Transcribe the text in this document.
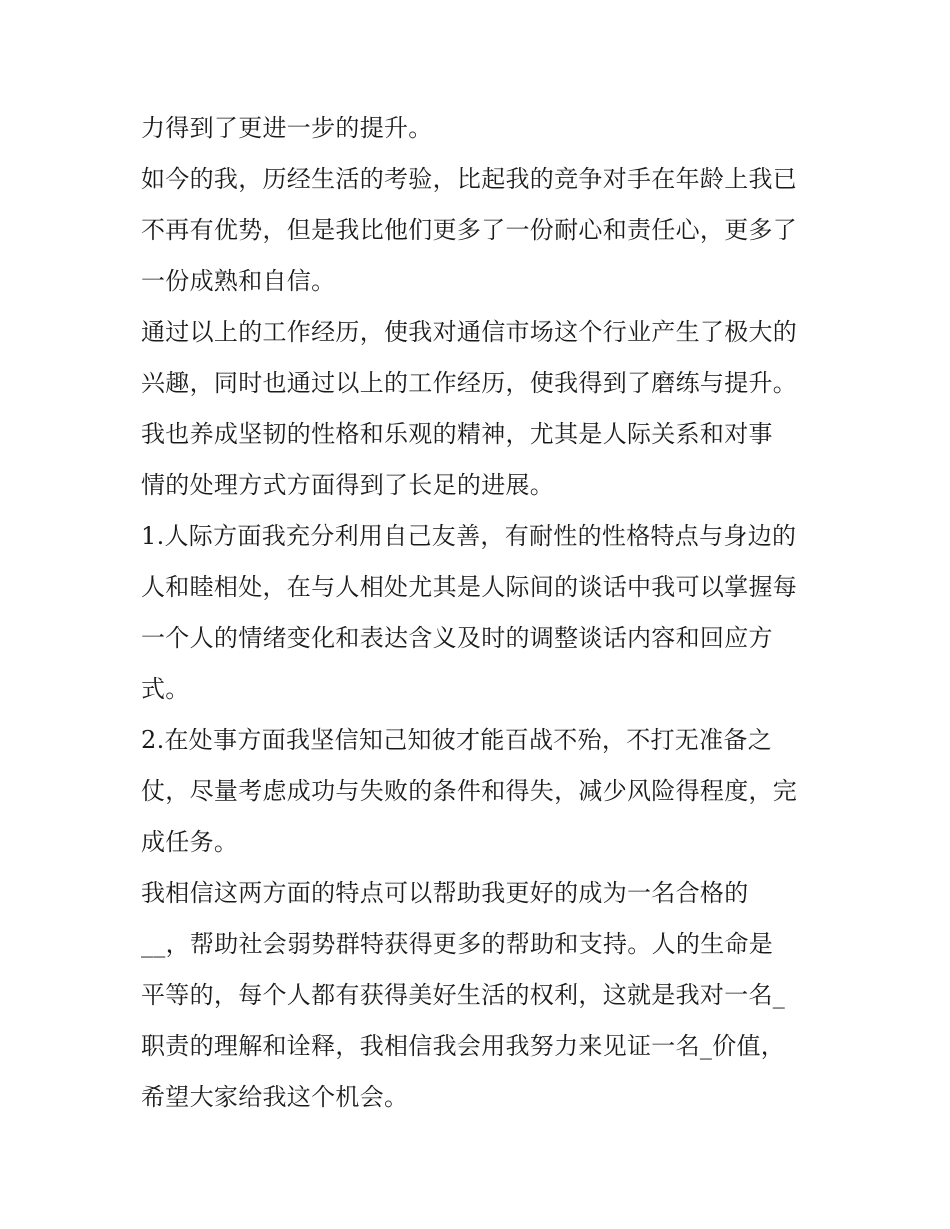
力得到了更进一步的提升。
如今的我，历经生活的考验，比起我的竞争对手在年龄上我已
不再有优势，但是我比他们更多了一份耐心和责任心，更多了
一份成熟和自信。
通过以上的工作经历，使我对通信市场这个行业产生了极大的
兴趣，同时也通过以上的工作经历，使我得到了磨练与提升。
我也养成坚韧的性格和乐观的精神，尤其是人际关系和对事
情的处理方式方面得到了长足的进展。
1.人际方面我充分利用自己友善，有耐性的性格特点与身边的
人和睦相处，在与人相处尤其是人际间的谈话中我可以掌握每
一个人的情绪变化和表达含义及时的调整谈话内容和回应方
式。
2.在处事方面我坚信知己知彼才能百战不殆，不打无准备之
仗，尽量考虑成功与失败的条件和得失，减少风险得程度，完
成任务。
我相信这两方面的特点可以帮助我更好的成为一名合格的
__，帮助社会弱势群特获得更多的帮助和支持。人的生命是
平等的，每个人都有获得美好生活的权利，这就是我对一名_
职责的理解和诠释，我相信我会用我努力来见证一名_价值，
希望大家给我这个机会。
